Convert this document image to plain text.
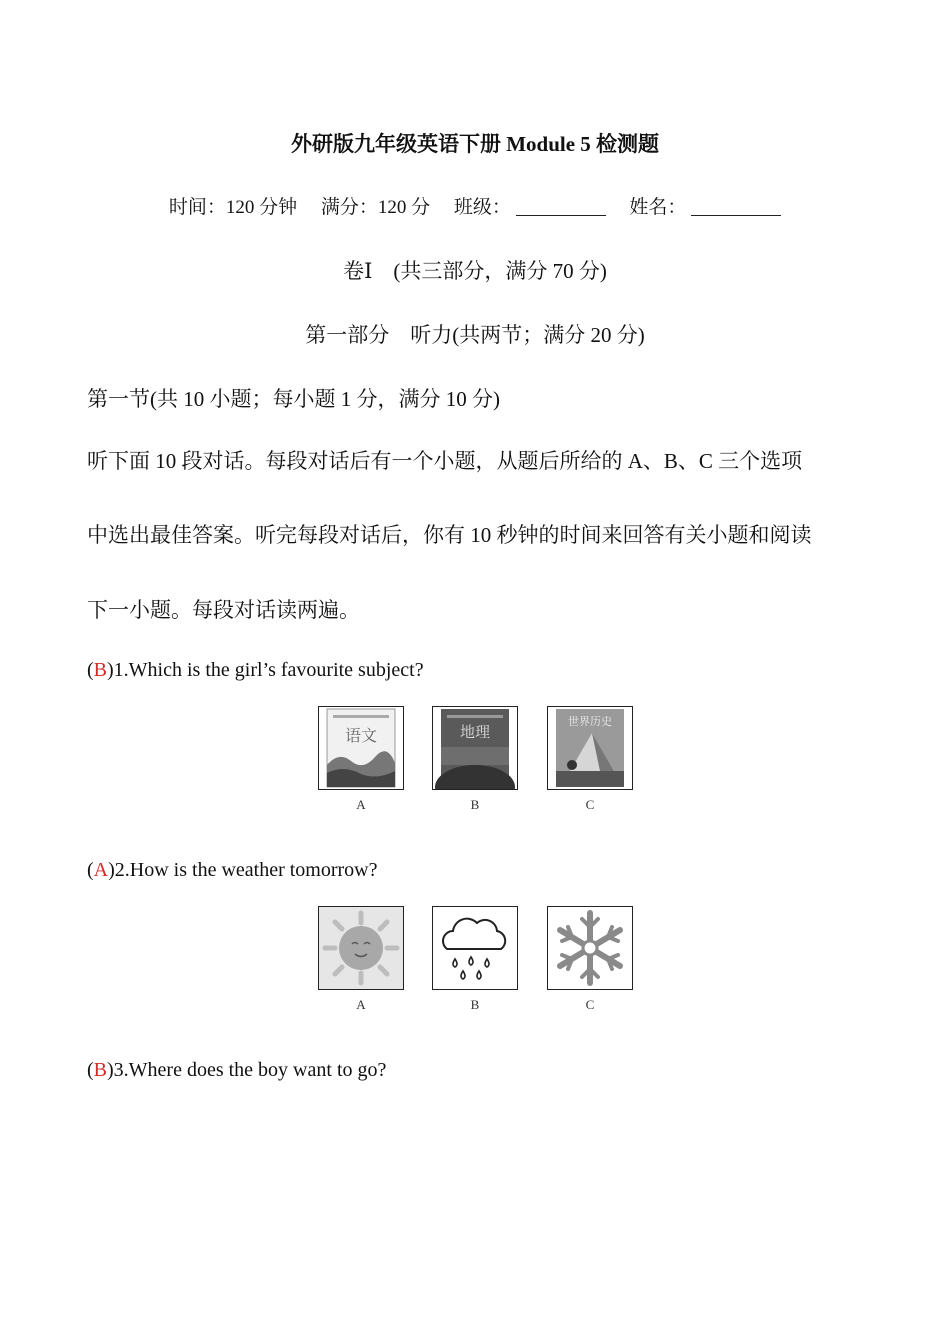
外研版九年级英语下册 Module 5 检测题
时间：120 分钟 满分：120 分 班级：	姓名：
卷Ⅰ　(共三部分，满分 70 分)
第一部分　听力(共两节；满分 20 分)
第一节(共 10 小题；每小题 1 分，满分 10 分)
听下面 10 段对话。每段对话后有一个小题，从题后所给的 A、B、C 三个选项
中选出最佳答案。听完每段对话后，你有 10 秒钟的时间来回答有关小题和阅读
下一小题。每段对话读两遍。
(B)1.Which is the girl’s favourite subject?
语文	地理
世界历史
A	B	C
(A)2.How is the weather tomorrow?
A	B	C
(B)3.Where does the boy want to go?
